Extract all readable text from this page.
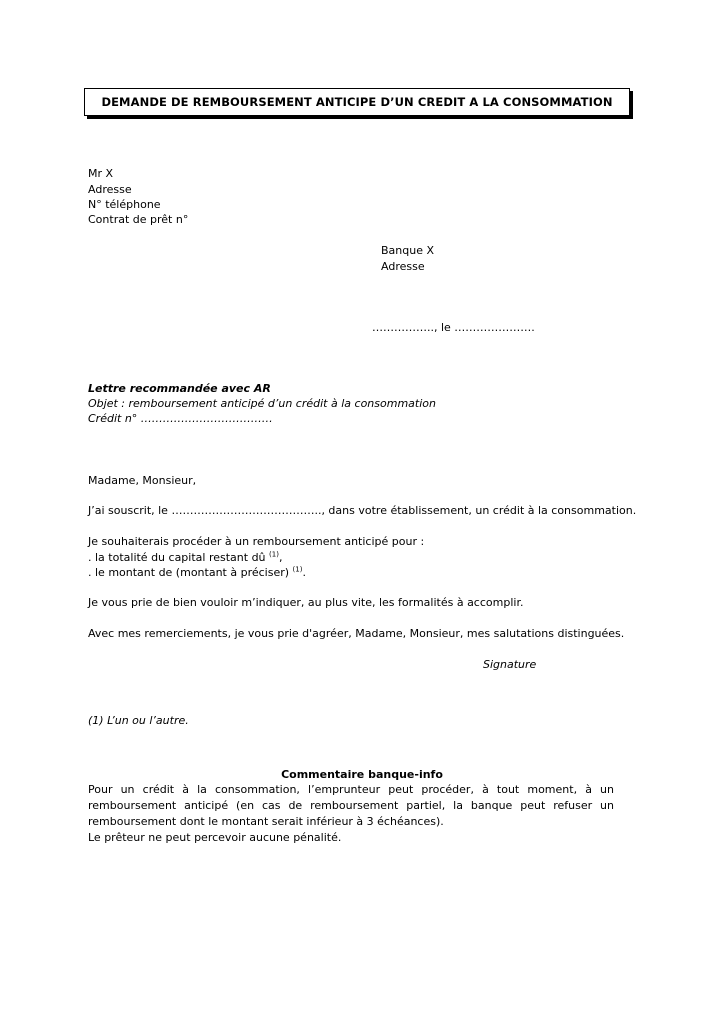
DEMANDE DE REMBOURSEMENT ANTICIPE D’UN CREDIT A LA CONSOMMATION
Mr X
Adresse
N° téléphone
Contrat de prêt n°
Banque X
Adresse
…………….., le ………………….
Lettre recommandée avec AR
Objet : remboursement anticipé d’un crédit à la consommation
Crédit n° ………………………………
Madame, Monsieur,
J’ai souscrit, le ………………………………….., dans votre établissement, un crédit à la consommation.
Je souhaiterais procéder à un remboursement anticipé pour :
. la totalité du capital restant dû $^{(1)}$,
. le montant de (montant à préciser) $^{(1)}$.
Je vous prie de bien vouloir m’indiquer, au plus vite, les formalités à accomplir.
Avec mes remerciements, je vous prie d'agréer, Madame, Monsieur, mes salutations distinguées.
Signature
(1) L’un ou l’autre.
Commentaire banque-info
Pour un crédit à la consommation, l’emprunteur peut procéder, à tout moment, à un remboursement anticipé (en cas de remboursement partiel, la banque peut refuser un remboursement dont le montant serait inférieur à 3 échéances).
Le prêteur ne peut percevoir aucune pénalité.
